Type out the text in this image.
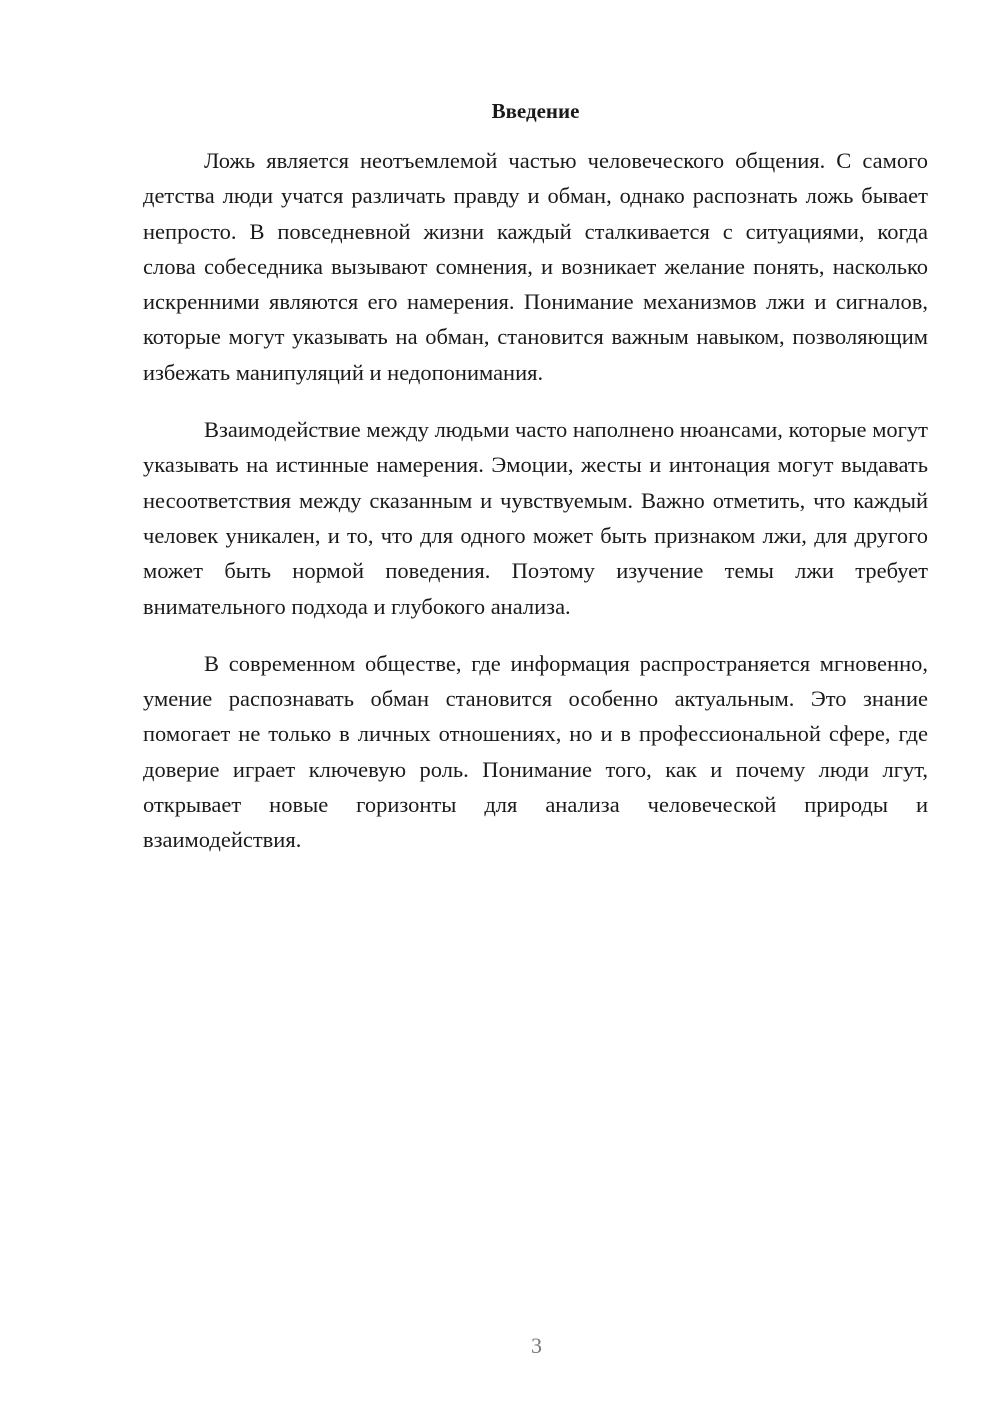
Введение

Ложь является неотъемлемой частью человеческого общения. С самого детства люди учатся различать правду и обман, однако распознать ложь бывает непросто. В повседневной жизни каждый сталкивается с ситуациями, когда слова собеседника вызывают сомнения, и возникает желание понять, насколько искренними являются его намерения. Понимание механизмов лжи и сигналов, которые могут указывать на обман, становится важным навыком, позволяющим избежать манипуляций и недопонимания.

Взаимодействие между людьми часто наполнено нюансами, которые могут указывать на истинные намерения. Эмоции, жесты и интонация могут выдавать несоответствия между сказанным и чувствуемым. Важно отметить, что каждый человек уникален, и то, что для одного может быть признаком лжи, для другого может быть нормой поведения. Поэтому изучение темы лжи требует внимательного подхода и глубокого анализа.

В современном обществе, где информация распространяется мгновенно, умение распознавать обман становится особенно актуальным. Это знание помогает не только в личных отношениях, но и в профессиональной сфере, где доверие играет ключевую роль. Понимание того, как и почему люди лгут, открывает новые горизонты для анализа человеческой природы и взаимодействия.

3
